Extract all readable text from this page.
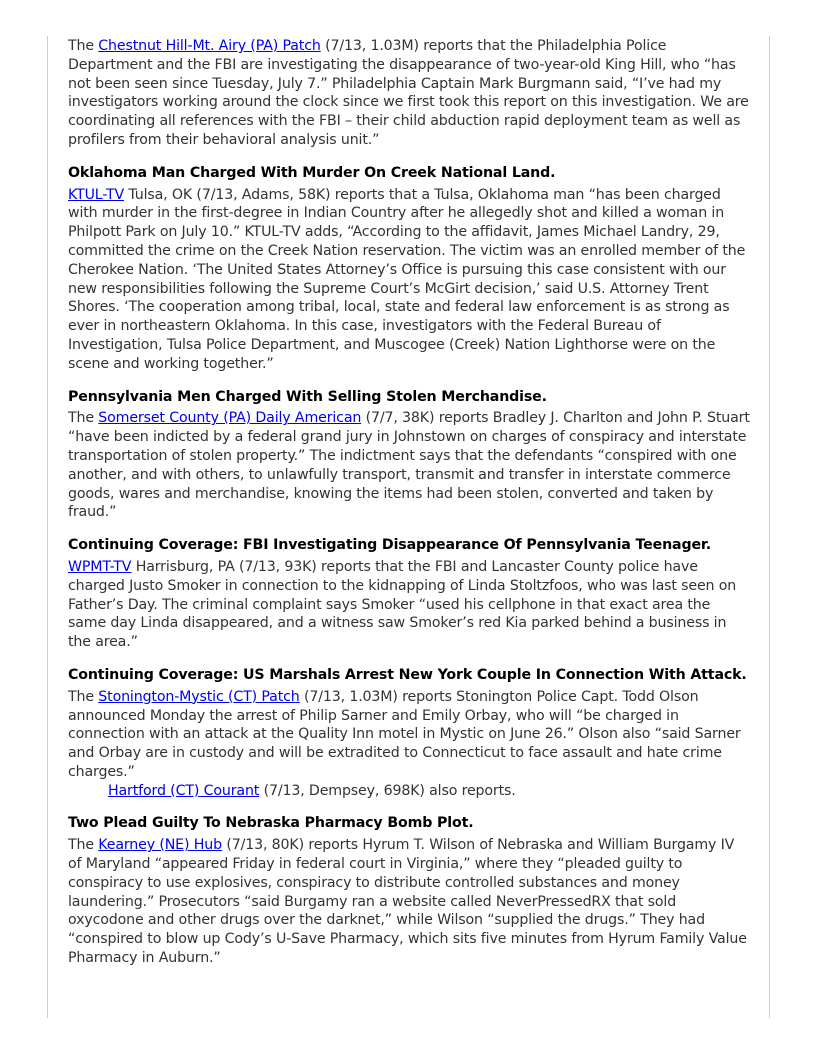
The Chestnut Hill-Mt. Airy (PA) Patch (7/13, 1.03M) reports that the Philadelphia Police Department and the FBI are investigating the disappearance of two-year-old King Hill, who “has not been seen since Tuesday, July 7.” Philadelphia Captain Mark Burgmann said, “I’ve had my investigators working around the clock since we first took this report on this investigation. We are coordinating all references with the FBI – their child abduction rapid deployment team as well as profilers from their behavioral analysis unit.”

Oklahoma Man Charged With Murder On Creek National Land.

KTUL-TV Tulsa, OK (7/13, Adams, 58K) reports that a Tulsa, Oklahoma man “has been charged with murder in the first-degree in Indian Country after he allegedly shot and killed a woman in Philpott Park on July 10.” KTUL-TV adds, “According to the affidavit, James Michael Landry, 29, committed the crime on the Creek Nation reservation. The victim was an enrolled member of the Cherokee Nation. ‘The United States Attorney’s Office is pursuing this case consistent with our new responsibilities following the Supreme Court’s McGirt decision,’ said U.S. Attorney Trent Shores. ‘The cooperation among tribal, local, state and federal law enforcement is as strong as ever in northeastern Oklahoma. In this case, investigators with the Federal Bureau of Investigation, Tulsa Police Department, and Muscogee (Creek) Nation Lighthorse were on the scene and working together.”

Pennsylvania Men Charged With Selling Stolen Merchandise.

The Somerset County (PA) Daily American (7/7, 38K) reports Bradley J. Charlton and John P. Stuart “have been indicted by a federal grand jury in Johnstown on charges of conspiracy and interstate transportation of stolen property.” The indictment says that the defendants “conspired with one another, and with others, to unlawfully transport, transmit and transfer in interstate commerce goods, wares and merchandise, knowing the items had been stolen, converted and taken by fraud.”

Continuing Coverage: FBI Investigating Disappearance Of Pennsylvania Teenager.

WPMT-TV Harrisburg, PA (7/13, 93K) reports that the FBI and Lancaster County police have charged Justo Smoker in connection to the kidnapping of Linda Stoltzfoos, who was last seen on Father’s Day. The criminal complaint says Smoker “used his cellphone in that exact area the same day Linda disappeared, and a witness saw Smoker’s red Kia parked behind a business in the area.”

Continuing Coverage: US Marshals Arrest New York Couple In Connection With Attack.

The Stonington-Mystic (CT) Patch (7/13, 1.03M) reports Stonington Police Capt. Todd Olson announced Monday the arrest of Philip Sarner and Emily Orbay, who will “be charged in connection with an attack at the Quality Inn motel in Mystic on June 26.” Olson also “said Sarner and Orbay are in custody and will be extradited to Connecticut to face assault and hate crime charges.”

Hartford (CT) Courant (7/13, Dempsey, 698K) also reports.

Two Plead Guilty To Nebraska Pharmacy Bomb Plot.

The Kearney (NE) Hub (7/13, 80K) reports Hyrum T. Wilson of Nebraska and William Burgamy IV of Maryland “appeared Friday in federal court in Virginia,” where they “pleaded guilty to conspiracy to use explosives, conspiracy to distribute controlled substances and money laundering.” Prosecutors “said Burgamy ran a website called NeverPressedRX that sold oxycodone and other drugs over the darknet,” while Wilson “supplied the drugs.” They had “conspired to blow up Cody’s U-Save Pharmacy, which sits five minutes from Hyrum Family Value Pharmacy in Auburn.”
